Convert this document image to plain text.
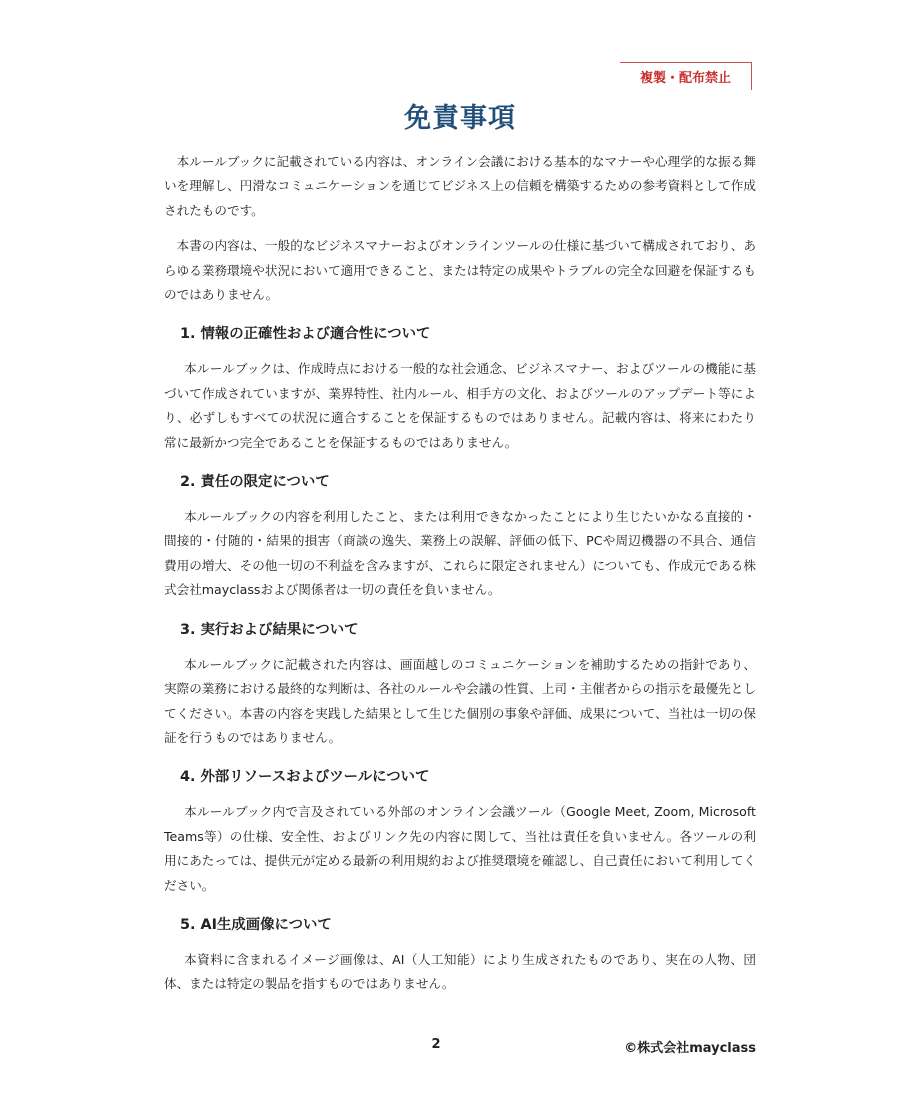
複製・配布禁止
免責事項

本ルールブックに記載されている内容は、オンライン会議における基本的なマナーや心理学的な振る舞いを理解し、円滑なコミュニケーションを通じてビジネス上の信頼を構築するための参考資料として作成されたものです。

本書の内容は、一般的なビジネスマナーおよびオンラインツールの仕様に基づいて構成されており、あらゆる業務環境や状況において適用できること、または特定の成果やトラブルの完全な回避を保証するものではありません。

1. 情報の正確性および適合性について

本ルールブックは、作成時点における一般的な社会通念、ビジネスマナー、およびツールの機能に基づいて作成されていますが、業界特性、社内ルール、相手方の文化、およびツールのアップデート等により、必ずしもすべての状況に適合することを保証するものではありません。記載内容は、将来にわたり常に最新かつ完全であることを保証するものではありません。

2. 責任の限定について

本ルールブックの内容を利用したこと、または利用できなかったことにより生じたいかなる直接的・間接的・付随的・結果的損害（商談の逸失、業務上の誤解、評価の低下、PCや周辺機器の不具合、通信費用の増大、その他一切の不利益を含みますが、これらに限定されません）についても、作成元である株式会社mayclassおよび関係者は一切の責任を負いません。

3. 実行および結果について

本ルールブックに記載された内容は、画面越しのコミュニケーションを補助するための指針であり、実際の業務における最終的な判断は、各社のルールや会議の性質、上司・主催者からの指示を最優先としてください。本書の内容を実践した結果として生じた個別の事象や評価、成果について、当社は一切の保証を行うものではありません。

4. 外部リソースおよびツールについて

本ルールブック内で言及されている外部のオンライン会議ツール（Google Meet, Zoom, Microsoft Teams等）の仕様、安全性、およびリンク先の内容に関して、当社は責任を負いません。各ツールの利用にあたっては、提供元が定める最新の利用規約および推奨環境を確認し、自己責任において利用してください。

5. AI生成画像について

本資料に含まれるイメージ画像は、AI（人工知能）により生成されたものであり、実在の人物、団体、または特定の製品を指すものではありません。

2	©株式会社mayclass
